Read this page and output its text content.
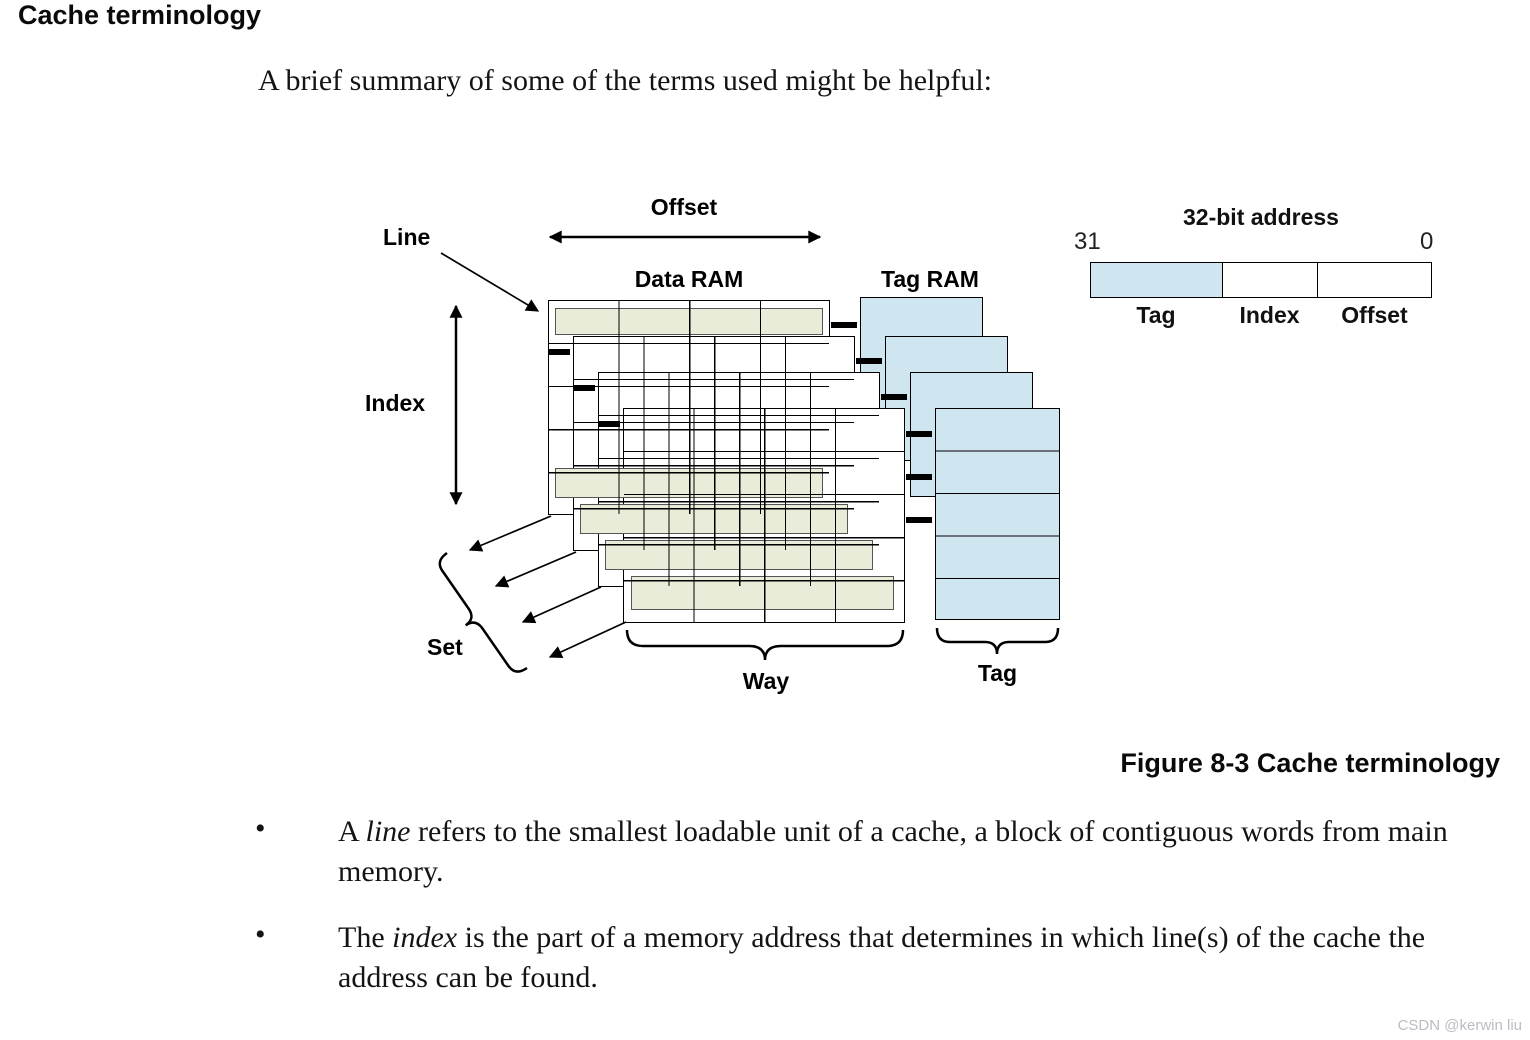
Cache terminology
A brief summary of some of the terms used might be helpful:
Offset
Line
Data RAM	Tag RAM
Index
Set
Way	Tag
32-bit address
31	0
Tag	Index	Offset
Figure 8-3 Cache terminology
•	A line refers to the smallest loadable unit of a cache, a block of contiguous words from main memory.
•	The index is the part of a memory address that determines in which line(s) of the cache the address can be found.
CSDN @kerwin liu
